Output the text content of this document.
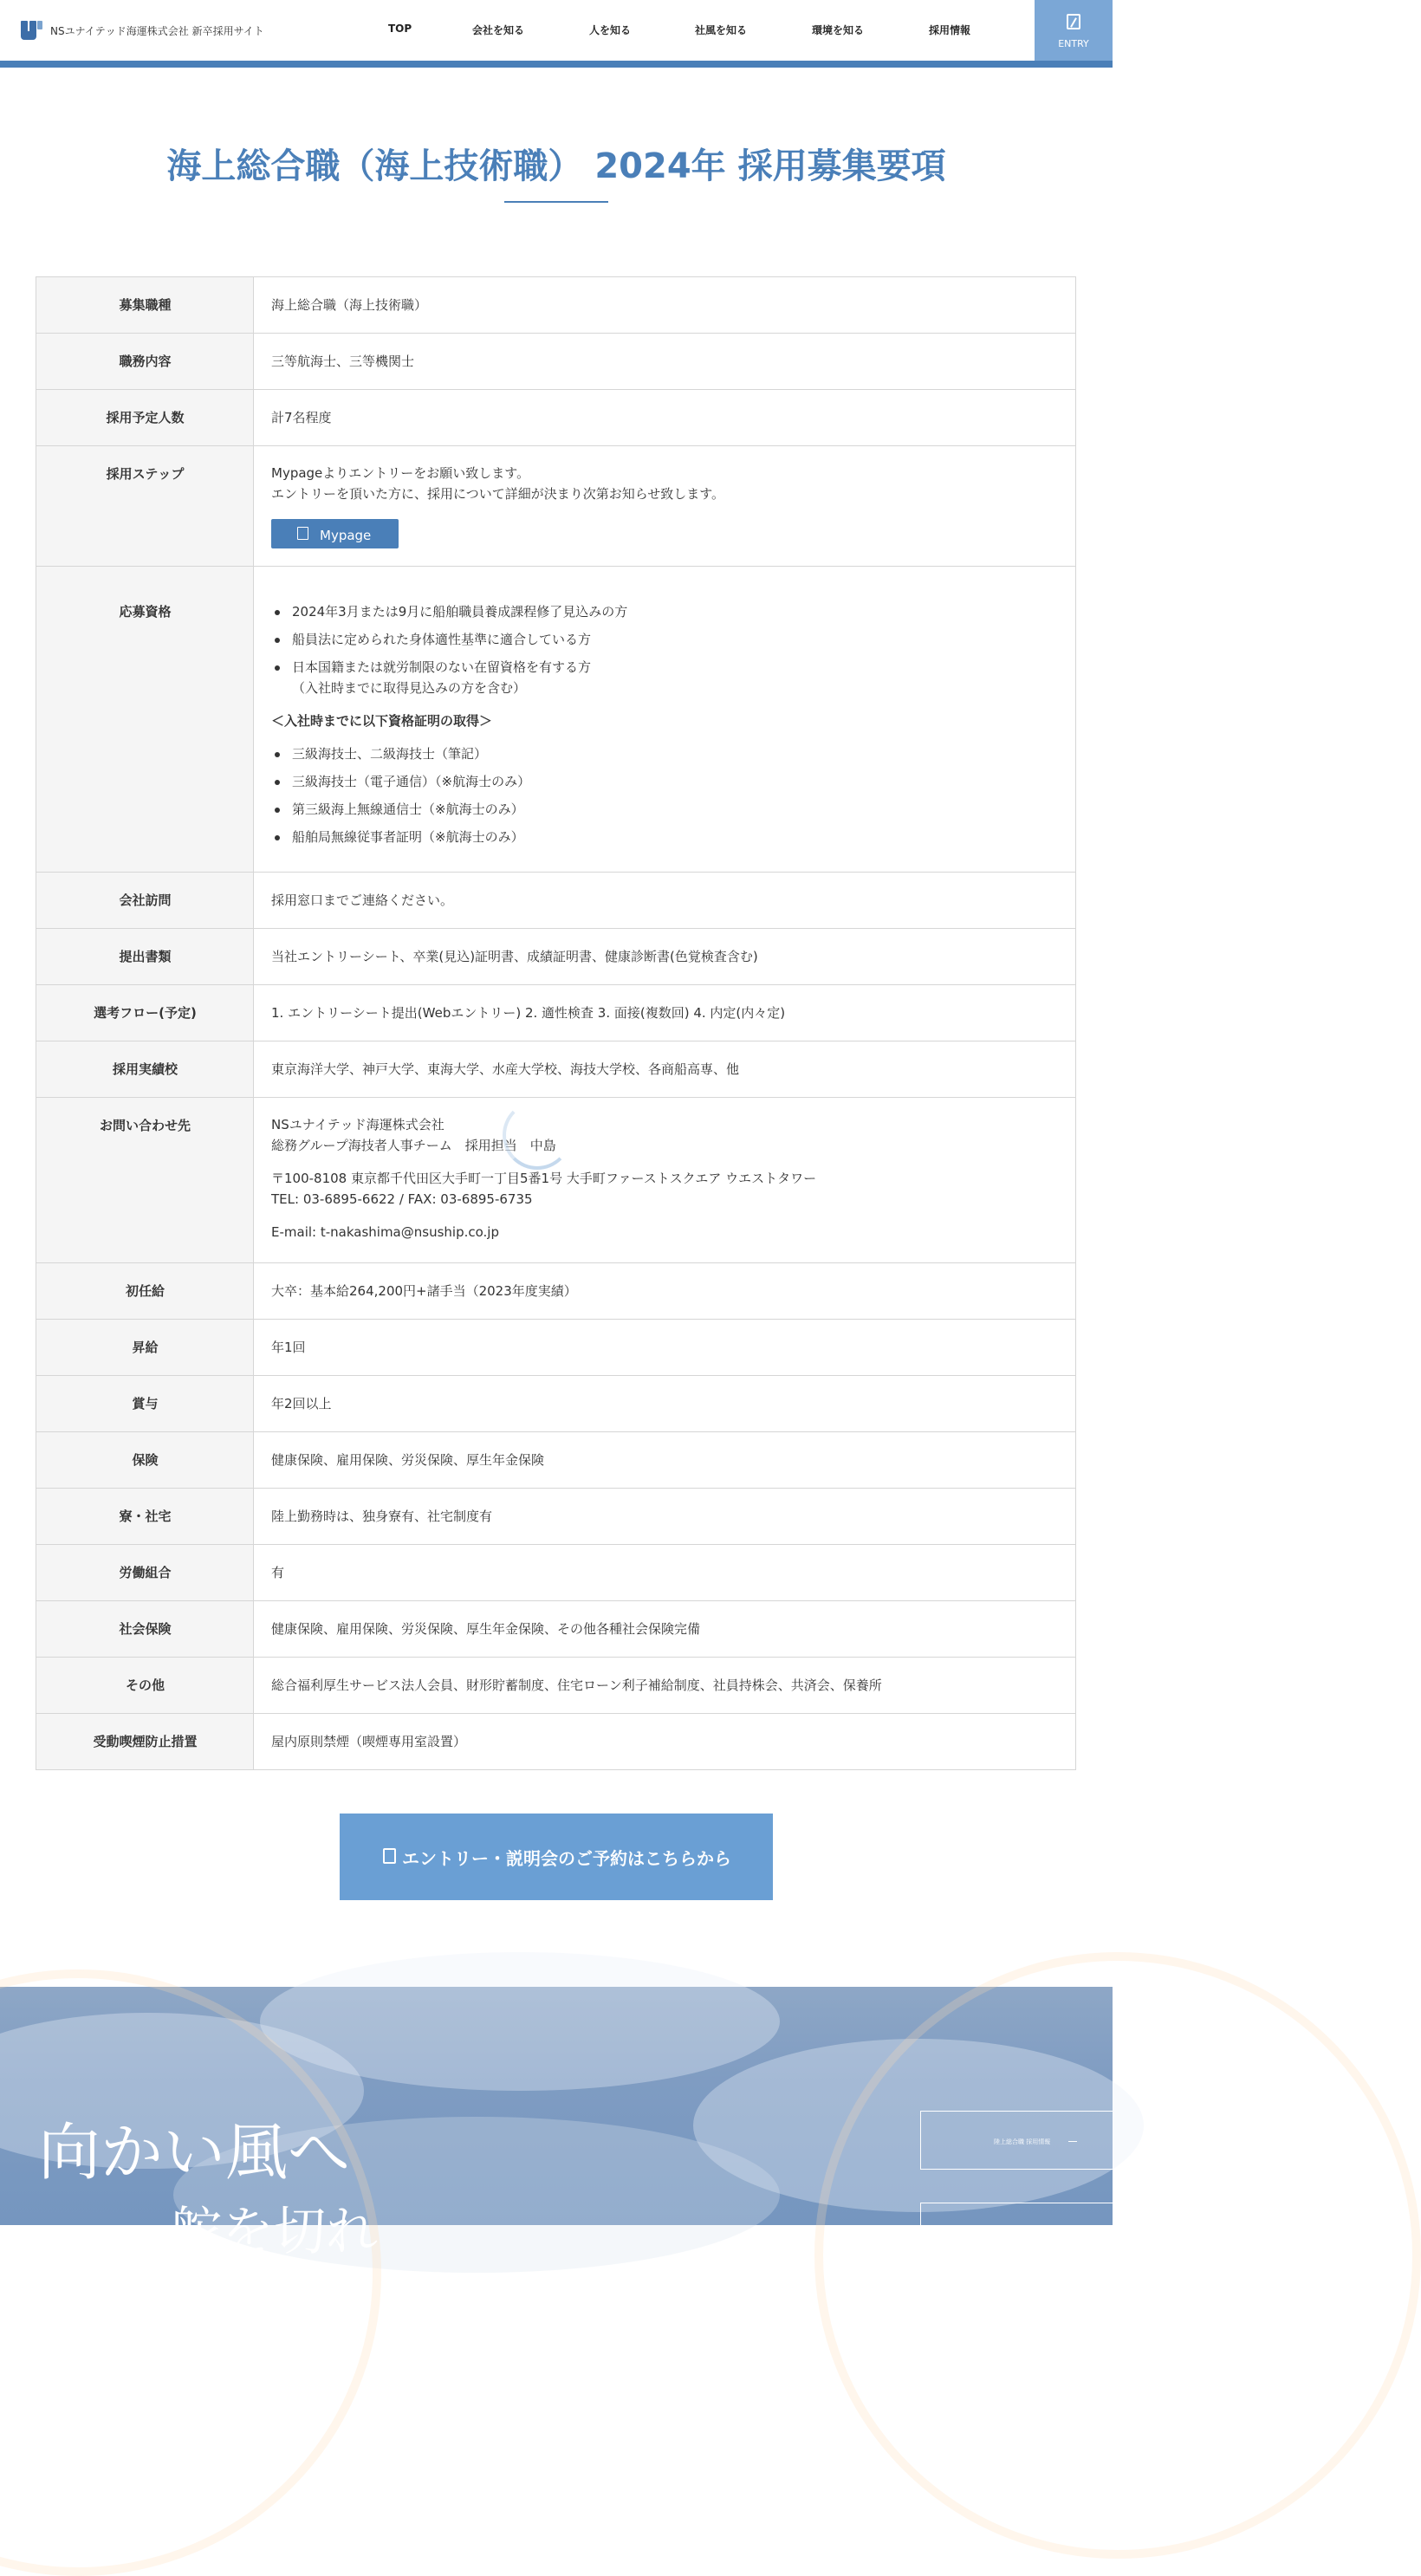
NSユナイテッド海運株式会社 新卒採用サイト	TOP	会社を知る	人を知る	社風を知る	環境を知る	採用情報
ENTRY
海上総合職（海上技術職） 2024年 採用募集要項
募集職種	海上総合職（海上技術職）
職務内容	三等航海士、三等機関士
採用予定人数	計7名程度
採用ステップ	Mypageよりエントリーをお願い致します。

エントリーを頂いた方に、採用について詳細が決まり次第お知らせ致します。

Mypage
応募資格	2024年3月または9月に船舶職員養成課程修了見込みの方
船員法に定められた身体適性基準に適合している方
日本国籍または就労制限のない在留資格を有する方

（入社時までに取得見込みの方を含む）

＜入社時までに以下資格証明の取得＞

三級海技士、二級海技士（筆記）
三級海技士（電子通信）（※航海士のみ）
第三級海上無線通信士（※航海士のみ）
船舶局無線従事者証明（※航海士のみ）
会社訪問	採用窓口までご連絡ください。
提出書類	当社エントリーシート、卒業(見込)証明書、成績証明書、健康診断書(色覚検査含む)
選考フロー(予定)	1. エントリーシート提出(Webエントリー) 2. 適性検査 3. 面接(複数回) 4. 内定(内々定)
採用実績校	東京海洋大学、神戸大学、東海大学、水産大学校、海技大学校、各商船高専、他
お問い合わせ先	NSユナイテッド海運株式会社

総務グループ海技者人事チーム　採用担当　中島

〒100-8108 東京都千代田区大手町一丁目5番1号 大手町ファーストスクエア ウエストタワー

TEL: 03-6895-6622 / FAX: 03-6895-6735

E-mail: t-nakashima@nsuship.co.jp

初任給	大卒：基本給264,200円+諸手当（2023年度実績）
昇給	年1回
賞与	年2回以上
保険	健康保険、雇用保険、労災保険、厚生年金保険
寮・社宅	陸上勤務時は、独身寮有、社宅制度有
労働組合	有
社会保険	健康保険、雇用保険、労災保険、厚生年金保険、その他各種社会保険完備
その他	総合福利厚生サービス法人会員、財形貯蓄制度、住宅ローン利子補給制度、社員持株会、共済会、保養所
受動喫煙防止措置	屋内原則禁煙（喫煙専用室設置）
エントリー・説明会のご予約はこちらから
向かい風へ
舵を切れ
陸上総合職 採用情報
